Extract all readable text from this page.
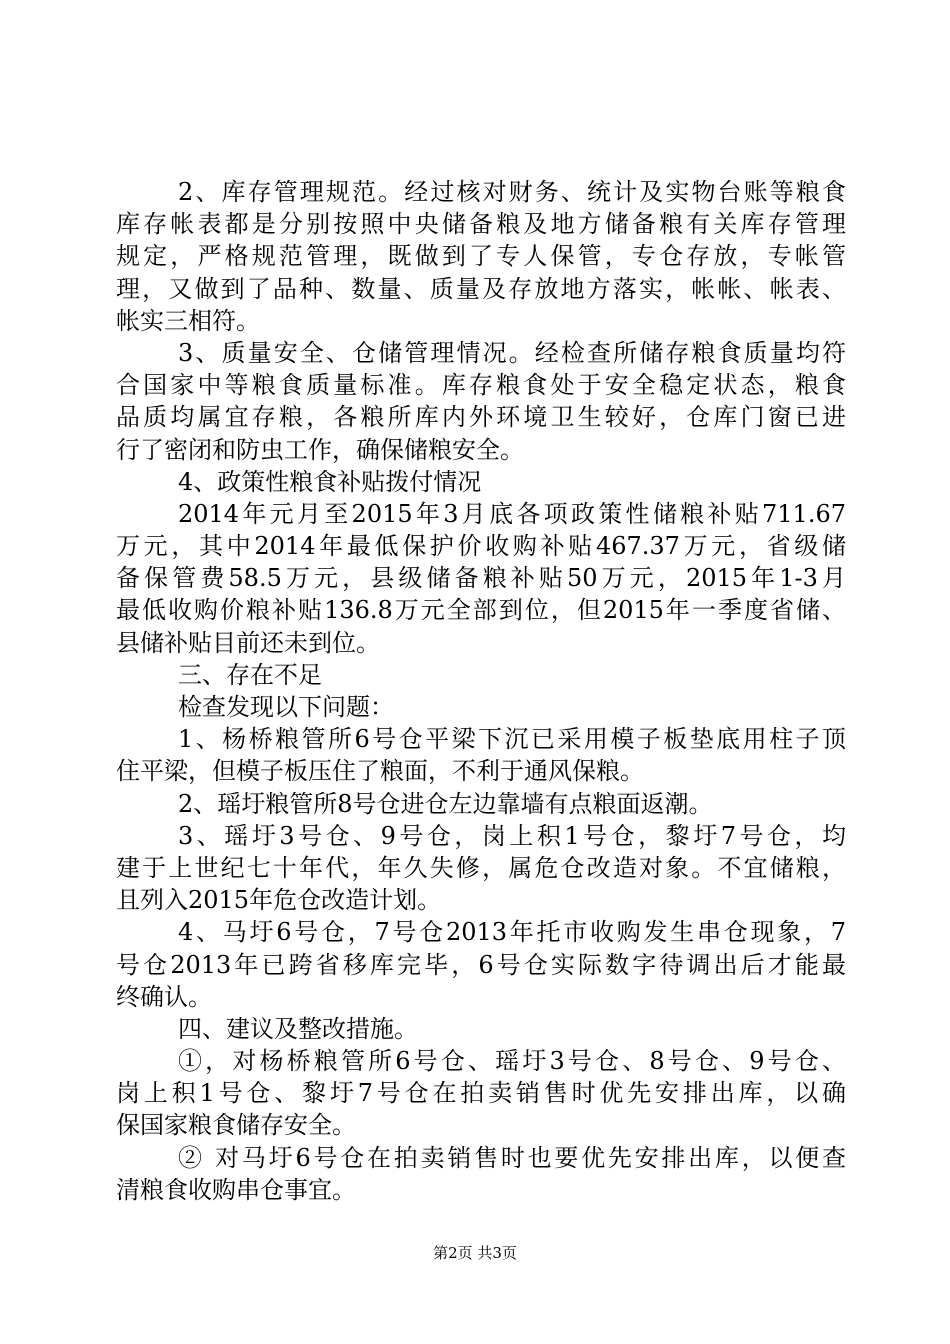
2、库存管理规范。经过核对财务、统计及实物台账等粮食
库存帐表都是分别按照中央储备粮及地方储备粮有关库存管理
规定，严格规范管理，既做到了专人保管，专仓存放，专帐管
理，又做到了品种、数量、质量及存放地方落实，帐帐、帐表、
帐实三相符。
3、质量安全、仓储管理情况。经检查所储存粮食质量均符
合国家中等粮食质量标准。库存粮食处于安全稳定状态，粮食
品质均属宜存粮，各粮所库内外环境卫生较好，仓库门窗已进
行了密闭和防虫工作，确保储粮安全。
4、政策性粮食补贴拨付情况
2014年元月至2015年3月底各项政策性储粮补贴711.67
万元，其中2014年最低保护价收购补贴467.37万元，省级储
备保管费58.5万元，县级储备粮补贴50万元，2015年1-3月
最低收购价粮补贴136.8万元全部到位，但2015年一季度省储、
县储补贴目前还未到位。
三、存在不足
检查发现以下问题：
1、杨桥粮管所6号仓平梁下沉已采用模子板垫底用柱子顶
住平梁，但模子板压住了粮面，不利于通风保粮。
2、瑶圩粮管所8号仓进仓左边靠墙有点粮面返潮。
3、瑶圩3号仓、9号仓，岗上积1号仓，黎圩7号仓，均
建于上世纪七十年代，年久失修，属危仓改造对象。不宜储粮，
且列入2015年危仓改造计划。
4、马圩6号仓，7号仓2013年托市收购发生串仓现象，7
号仓2013年已跨省移库完毕，6号仓实际数字待调出后才能最
终确认。
四、建议及整改措施。
①，对杨桥粮管所6号仓、瑶圩3号仓、8号仓、9号仓、
岗上积1号仓、黎圩7号仓在拍卖销售时优先安排出库，以确
保国家粮食储存安全。
② 对马圩6号仓在拍卖销售时也要优先安排出库，以便查
清粮食收购串仓事宜。
第2页 共3页
